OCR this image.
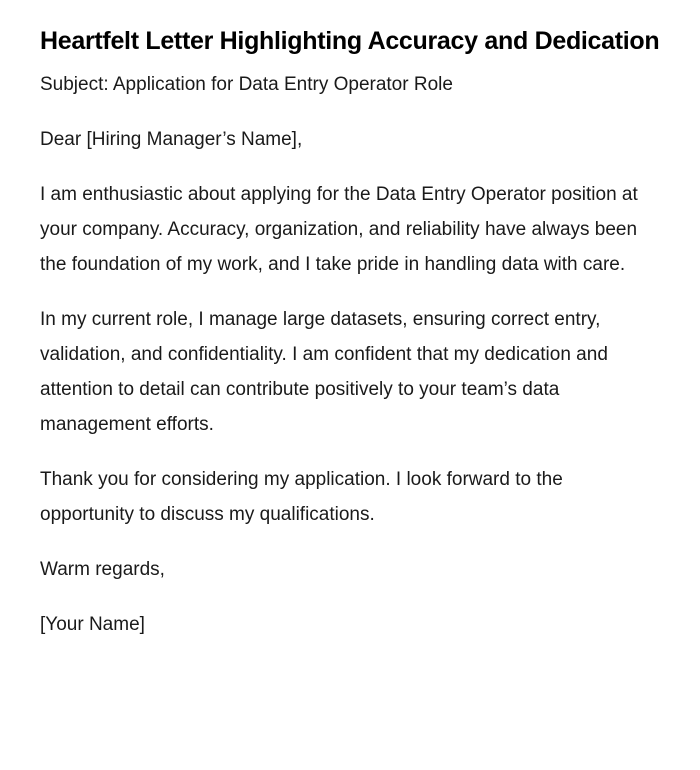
Heartfelt Letter Highlighting Accuracy and Dedication

Subject: Application for Data Entry Operator Role

Dear [Hiring Manager’s Name],

I am enthusiastic about applying for the Data Entry Operator position at your company. Accuracy, organization, and reliability have always been the foundation of my work, and I take pride in handling data with care.

In my current role, I manage large datasets, ensuring correct entry, validation, and confidentiality. I am confident that my dedication and attention to detail can contribute positively to your team’s data management efforts.

Thank you for considering my application. I look forward to the opportunity to discuss my qualifications.

Warm regards,

[Your Name]
